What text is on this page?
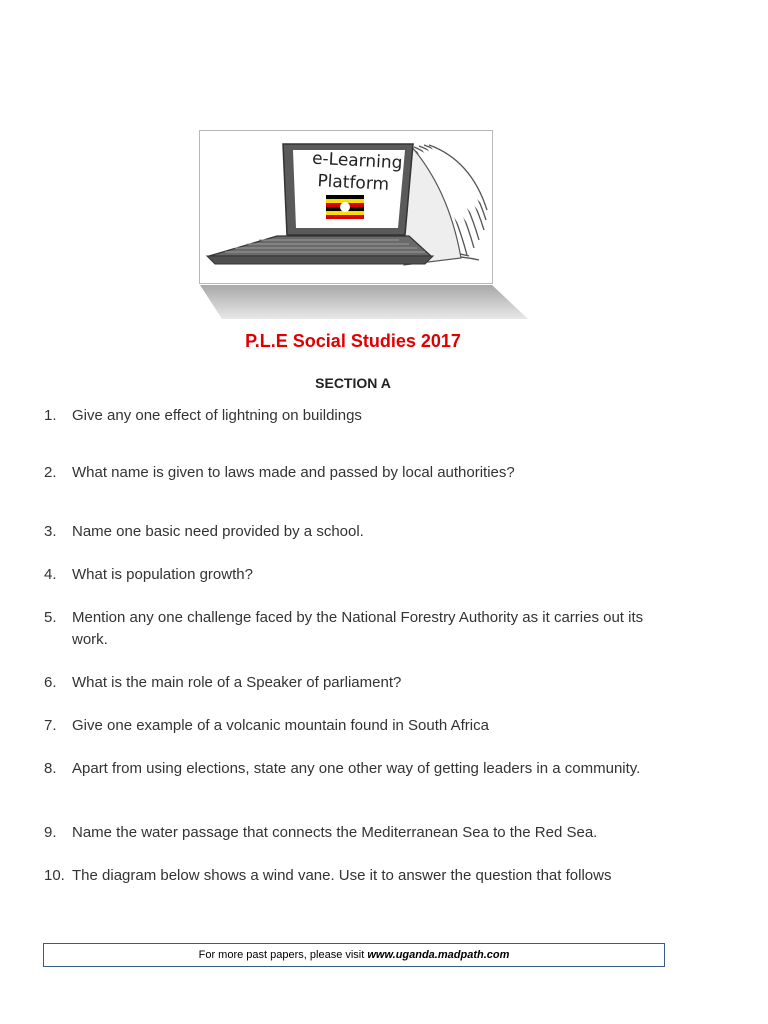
e-Learning
Platform
P.L.E Social Studies 2017
SECTION A
1.	Give any one effect of lightning on buildings
2.	What name is given to laws made and passed by local authorities?
3.	Name one basic need provided by a school.
4.	What is population growth?
5.	Mention any one challenge faced by the National Forestry Authority as it carries out its work.
6.	What is the main role of a Speaker of parliament?
7.	Give one example of a volcanic mountain found in South Africa
8.	Apart from using elections, state any one other way of getting leaders in a community.
9.	Name the water passage that connects the Mediterranean Sea to the Red Sea.
10. The diagram below shows a wind vane. Use it to answer the question that follows
For more past papers, please visit www.uganda.madpath.com
